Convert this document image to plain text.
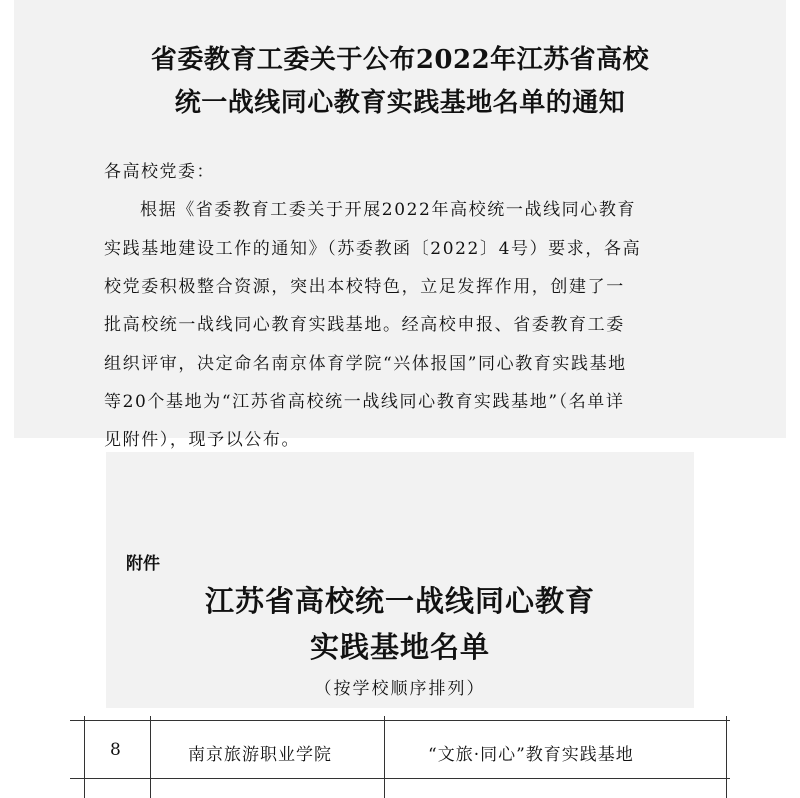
省委教育工委关于公布2022年江苏省高校
统一战线同心教育实践基地名单的通知
各高校党委：
根据《省委教育工委关于开展2022年高校统一战线同心教育
实践基地建设工作的通知》（苏委教函〔2022〕4号）要求，各高
校党委积极整合资源，突出本校特色，立足发挥作用，创建了一
批高校统一战线同心教育实践基地。经高校申报、省委教育工委
组织评审，决定命名南京体育学院“兴体报国”同心教育实践基地
等20个基地为“江苏省高校统一战线同心教育实践基地”（名单详
见附件），现予以公布。
附件
江苏省高校统一战线同心教育
实践基地名单
（按学校顺序排列）
8	南京旅游职业学院	“文旅·同心”教育实践基地
